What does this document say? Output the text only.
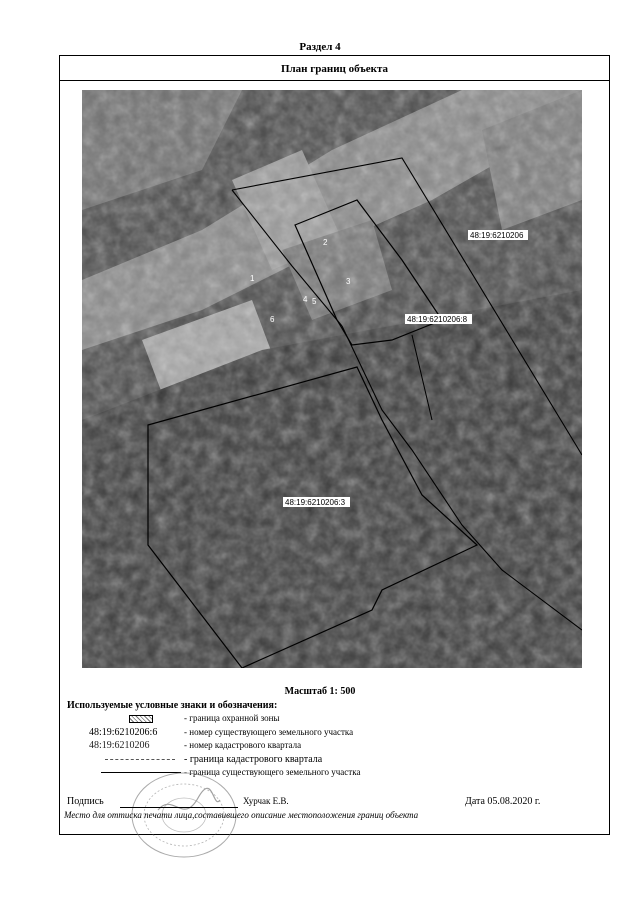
Раздел 4
План границ объекта
1
2
3
4 5
6
48:19:6210206:3
48:19:6210206:8
48:19:6210206
С
Ю
Масштаб 1: 500
Используемые условные знаки и обозначения:
- граница охранной зоны
48:19:6210206:6	- номер существующего земельного участка
48:19:6210206	- номер кадастрового квартала
- граница кадастрового квартала
- граница существующего земельного участка
Подпись	Хурчак Е.В.	Дата 05.08.2020 г.
Место для оттиска печати лица,составившего описание местоположения границ объекта
